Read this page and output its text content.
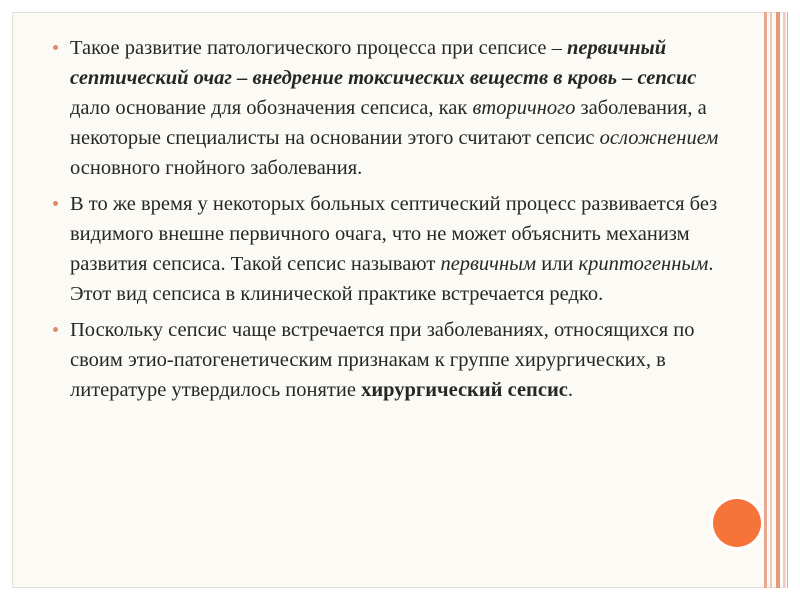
Такое развитие патологического процесса при сепсисе – первичный септический очаг – внедрение токсических веществ в кровь – сепсис дало основание для обозначения сепсиса, как вторичного заболевания, а некоторые специалисты на основании этого считают сепсис осложнением основного гнойного заболевания.

В то же время у некоторых больных септический процесс развивается без видимого внешне первичного очага, что не может объяснить механизм развития сепсиса. Такой сепсис называют первичным или криптогенным. Этот вид сепсиса в клинической практике встречается редко.

Поскольку сепсис чаще встречается при заболеваниях, относящихся по своим этио-патогенетическим признакам к группе хирургических, в литературе утвердилось понятие хирургический сепсис.
